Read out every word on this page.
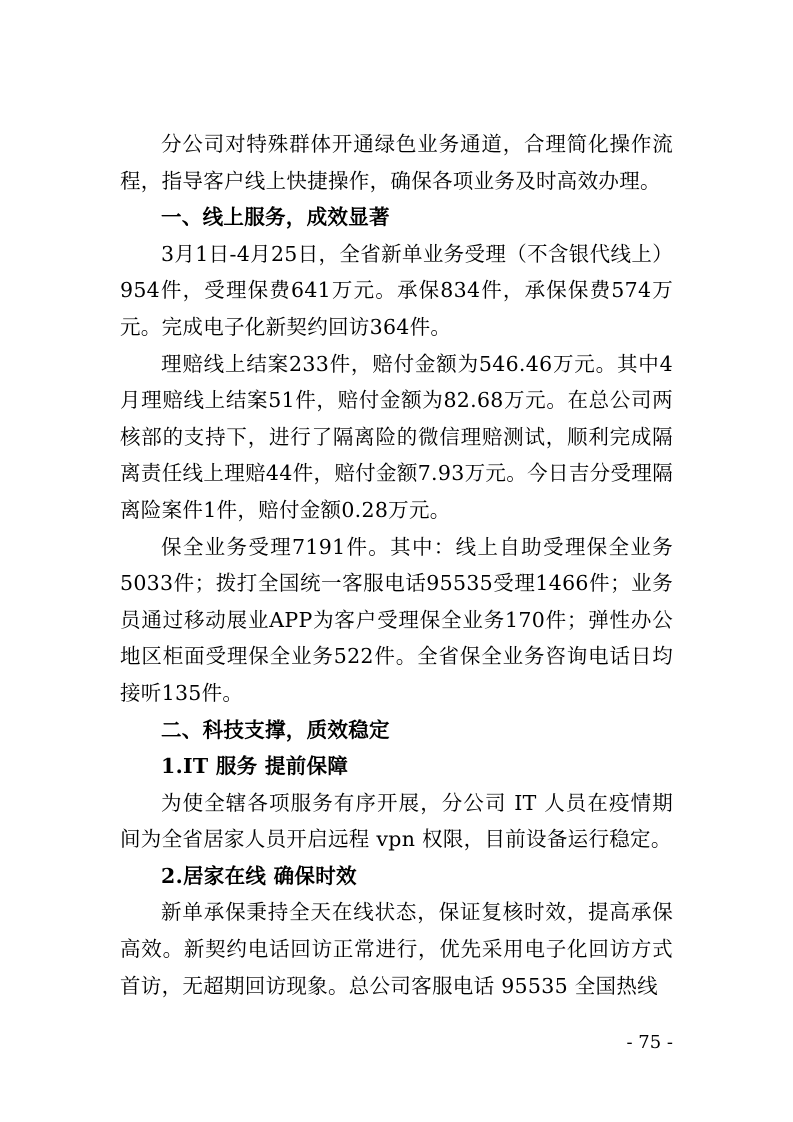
分公司对特殊群体开通绿色业务通道，合理简化操作流程，指导客户线上快捷操作，确保各项业务及时高效办理。

一、线上服务，成效显著

3月1日-4月25日，全省新单业务受理（不含银代线上）954件，受理保费641万元。承保834件，承保保费574万元。完成电子化新契约回访364件。

理赔线上结案233件，赔付金额为546.46万元。其中4月理赔线上结案51件，赔付金额为82.68万元。在总公司两核部的支持下，进行了隔离险的微信理赔测试，顺利完成隔离责任线上理赔44件，赔付金额7.93万元。今日吉分受理隔离险案件1件，赔付金额0.28万元。

保全业务受理7191件。其中：线上自助受理保全业务5033件；拨打全国统一客服电话95535受理1466件；业务员通过移动展业APP为客户受理保全业务170件；弹性办公地区柜面受理保全业务522件。全省保全业务咨询电话日均接听135件。

二、科技支撑，质效稳定

1.IT 服务 提前保障

为使全辖各项服务有序开展，分公司 IT 人员在疫情期间为全省居家人员开启远程 vpn 权限，目前设备运行稳定。

2.居家在线 确保时效

新单承保秉持全天在线状态，保证复核时效，提高承保高效。新契约电话回访正常进行，优先采用电子化回访方式首访，无超期回访现象。总公司客服电话 95535 全国热线

- 75 -
